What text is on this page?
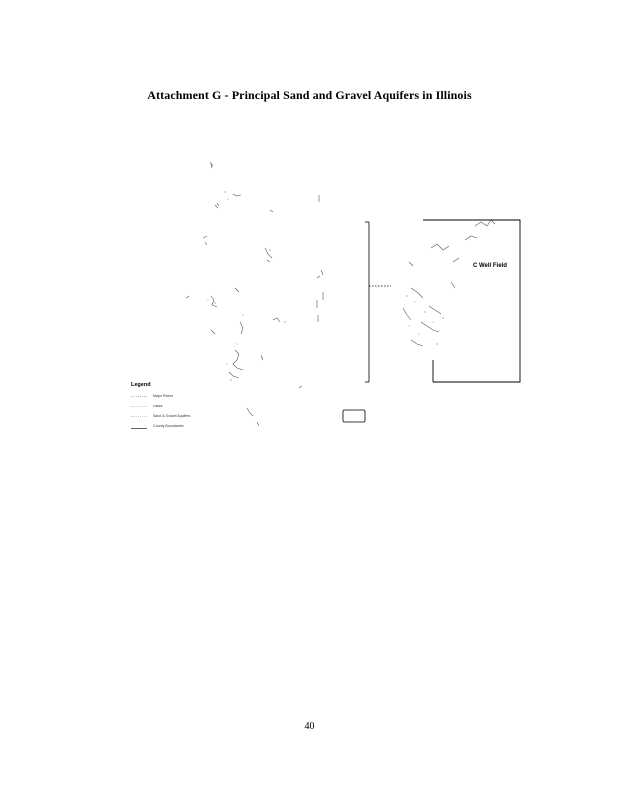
Attachment G - Principal Sand and Gravel Aquifers in Illinois
C Well Field
Legend
Major Rivers
Lakes
Sand & Gravel Aquifers
County Boundaries
40
